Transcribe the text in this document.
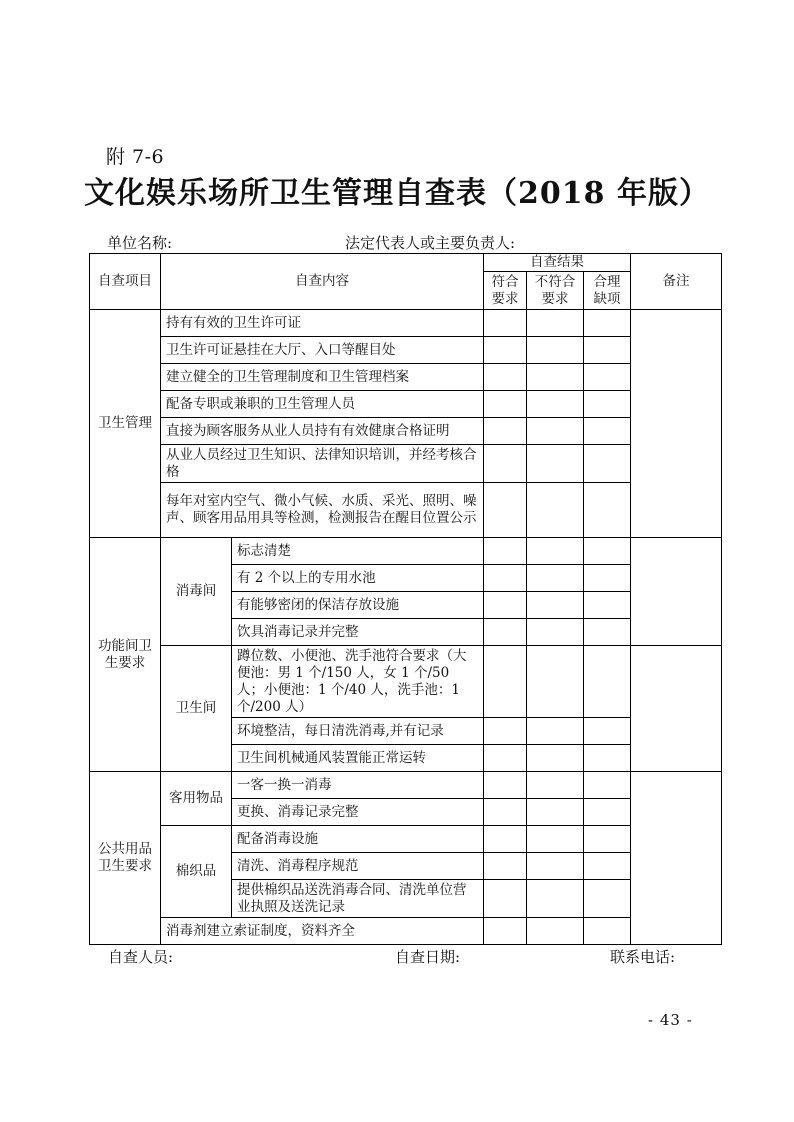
附 7-6
文化娱乐场所卫生管理自查表（2018 年版）
单位名称:	法定代表人或主要负责人:
自查项目	自查内容		自查结果			备注
			符合要求	不符合要求	合理缺项	
卫生管理	持有有效的卫生许可证					
	卫生许可证悬挂在大厅、入口等醒目处					
	建立健全的卫生管理制度和卫生管理档案					
	配备专职或兼职的卫生管理人员					
	直接为顾客服务从业人员持有有效健康合格证明					
	从业人员经过卫生知识、法律知识培训，并经考核合格					
	每年对室内空气、微小气候、水质、采光、照明、噪声、顾客用品用具等检测，检测报告在醒目位置公示					
功能间卫生要求	消毒间	标志清楚				
		有 2 个以上的专用水池				
		有能够密闭的保洁存放设施				
		饮具消毒记录并完整				
	卫生间	蹲位数、小便池、洗手池符合要求（大便池：男 1 个/150 人，女 1 个/50 人；小便池：1 个/40 人，洗手池：1 个/200 人）				
		环境整洁，每日清洗消毒,并有记录				
		卫生间机械通风装置能正常运转				
公共用品卫生要求	客用物品	一客一换一消毒				
		更换、消毒记录完整				
	棉织品	配备消毒设施				
		清洗、消毒程序规范				
		提供棉织品送洗消毒合同、清洗单位营业执照及送洗记录				
	消毒剂建立索证制度，资料齐全					
自查人员:	自查日期:	联系电话:
- 43 -
